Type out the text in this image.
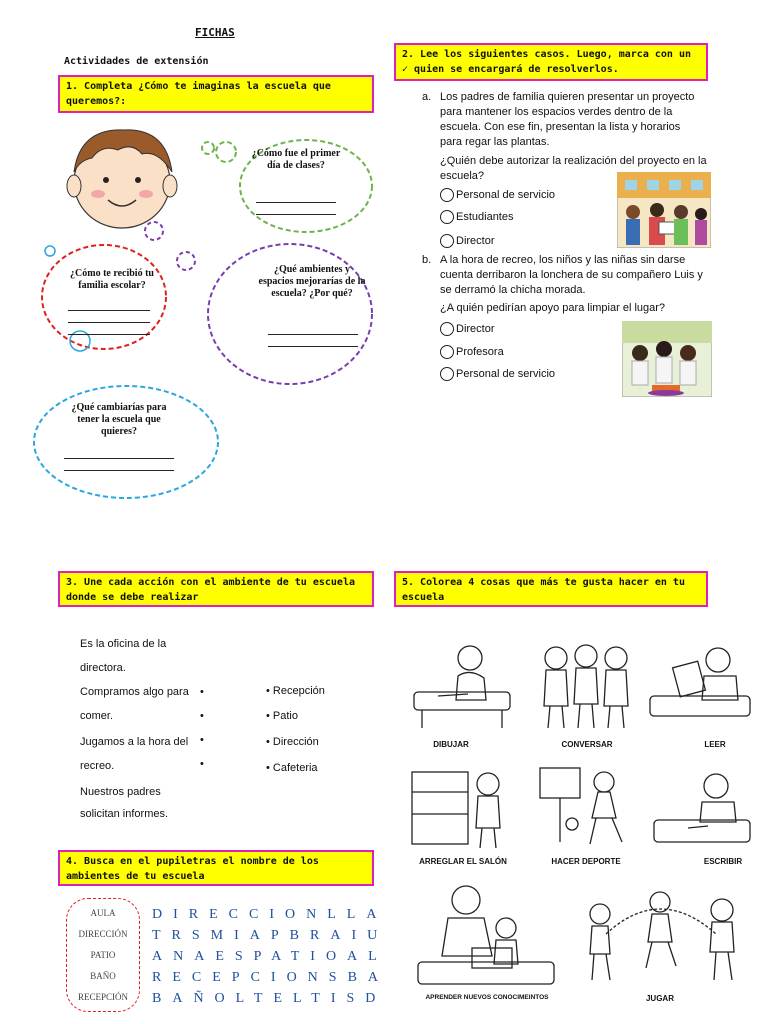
FICHAS
Actividades de extensión
1. Completa ¿Cómo te imaginas la escuela que queremos?:
¿Cómo fue el primer día de clases?
¿Cómo te recibió tu familia escolar?
¿Qué ambientes y espacios mejorarías de la escuela? ¿Por qué?
¿Qué cambiarías para tener la escuela que quieres?
2. Lee los siguientes casos. Luego, marca con un ✓ quien se encargará de resolverlos.
a. Los padres de familia quieren presentar un proyecto para mantener los espacios verdes dentro de la escuela. Con ese fin, presentan la lista y horarios para regar las plantas.
¿Quién debe autorizar la realización del proyecto en la escuela?
Personal de servicio
Estudiantes
Director
b. A la hora de recreo, los niños y las niñas sin darse cuenta derribaron la lonchera de su compañero Luis y se derramó la chicha morada.
¿A quién pedirían apoyo para limpiar el lugar?
Director
Profesora
Personal de servicio
3. Une cada acción con el ambiente de tu escuela donde se debe realizar
Es la oficina de la
directora.
Compramos algo para
comer.
Jugamos a la hora del
recreo.
Nuestros padres
solicitan informes.
•
•
•
•
• Recepción
• Patio
• Dirección
• Cafeteria
4. Busca en el pupiletras el nombre de los ambientes de tu escuela
AULA
DIRECCIÓN
PATIO
BAÑO
RECEPCIÓN
DIRECCIONLLA
TRSMIAPBRAIU
ANAESPATIOAL
RECEPCIONSBA
BAÑOLTELTISD
5. Colorea 4 cosas que más te gusta hacer en tu escuela
DIBUJAR	CONVERSAR	LEER
ARREGLAR EL SALÓN	HACER DEPORTE	ESCRIBIR
APRENDER NUEVOS CONOCIMEINTOS	JUGAR
